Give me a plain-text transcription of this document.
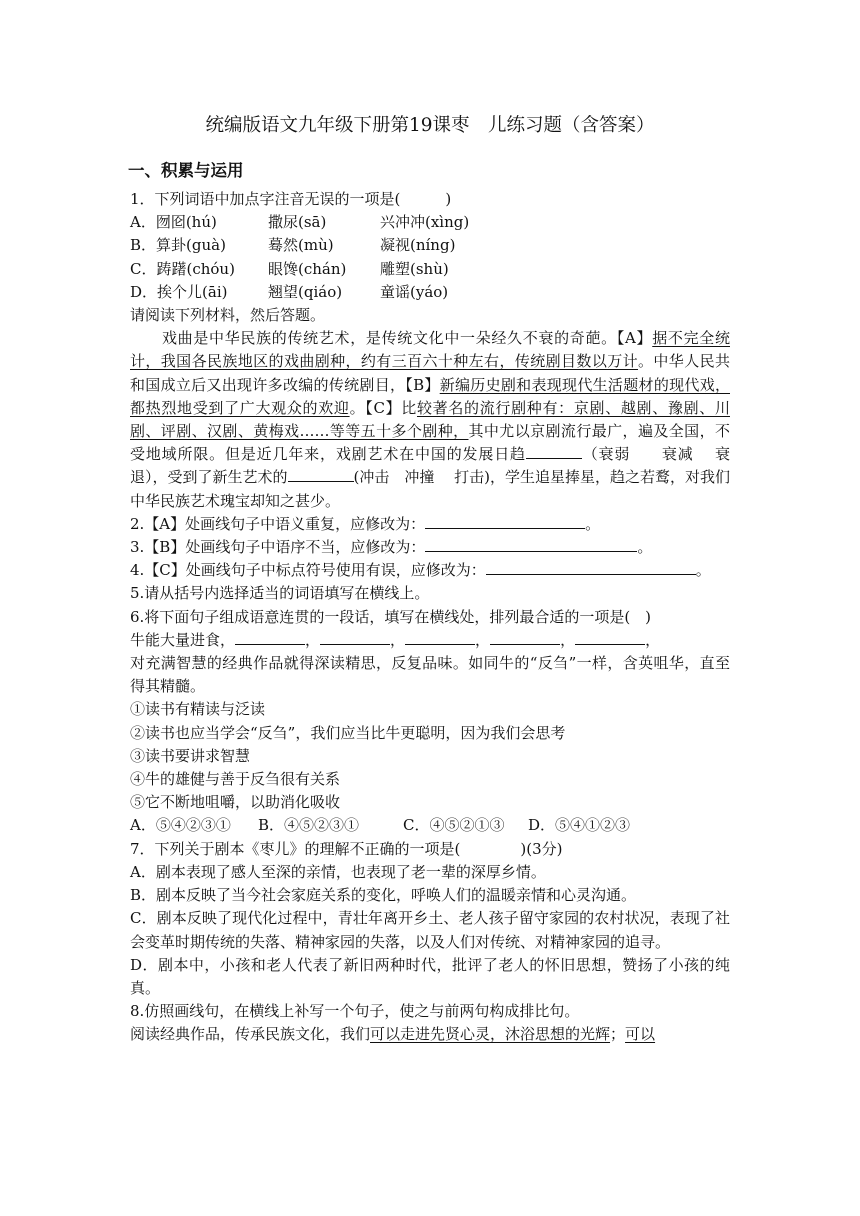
统编版语文九年级下册第19课枣　儿练习题（含答案）
一、积累与运用
1．下列词语中加点字注音无误的一项是(　　　)
A．囫囵(hú)	撒尿(sā)	兴冲冲(xìng)
B．算卦(guà)	蓦然(mù)	凝视(níng)
C．踌躇(chóu)	眼馋(chán)	雕塑(shù)
D．挨个儿(āi)	翘望(qiáo)	童谣(yáo)
请阅读下列材料，然后答题。
戏曲是中华民族的传统艺术，是传统文化中一朵经久不衰的奇葩。【A】据不完全统计，我国各民族地区的戏曲剧种，约有三百六十种左右，传统剧目数以万计。中华人民共和国成立后又出现许多改编的传统剧目，【B】新编历史剧和表现现代生活题材的现代戏，都热烈地受到了广大观众的欢迎。【C】比较著名的流行剧种有：京剧、越剧、豫剧、川剧、评剧、汉剧、黄梅戏……等等五十多个剧种，其中尤以京剧流行最广，遍及全国，不受地域所限。但是近几年来，戏剧艺术在中国的发展日趋	（衰弱　　衰减　 衰退），受到了新生艺术的	(冲击　冲撞　 打击)，学生追星捧星，趋之若鹜，对我们中华民族艺术瑰宝却知之甚少。
2.【A】处画线句子中语义重复，应修改为：	。
3.【B】处画线句子中语序不当，应修改为：	。
4.【C】处画线句子中标点符号使用有误，应修改为：	。
5.请从括号内选择适当的词语填写在横线上。
6.将下面句子组成语意连贯的一段话，填写在横线处，排列最合适的一项是(　)
牛能大量进食，	，	，	，	，	，
对充满智慧的经典作品就得深读精思，反复品味。如同牛的“反刍”一样，含英咀华，直至得其精髓。
①读书有精读与泛读
②读书也应当学会“反刍”，我们应当比牛更聪明，因为我们会思考
③读书要讲求智慧
④牛的雄健与善于反刍很有关系
⑤它不断地咀嚼，以助消化吸收
A．⑤④②③① B．④⑤②③①	C．④⑤②①③ D．⑤④①②③
7．下列关于剧本《枣儿》的理解不正确的一项是(　　　　)(3分)
A．剧本表现了感人至深的亲情，也表现了老一辈的深厚乡情。
B．剧本反映了当今社会家庭关系的变化，呼唤人们的温暖亲情和心灵沟通。
C．剧本反映了现代化过程中，青壮年离开乡土、老人孩子留守家园的农村状况，表现了社会变革时期传统的失落、精神家园的失落，以及人们对传统、对精神家园的追寻。
D．剧本中，小孩和老人代表了新旧两种时代，批评了老人的怀旧思想，赞扬了小孩的纯真。
8.仿照画线句，在横线上补写一个句子，使之与前两句构成排比句。
阅读经典作品，传承民族文化，我们可以走进先贤心灵，沐浴思想的光辉；可以
